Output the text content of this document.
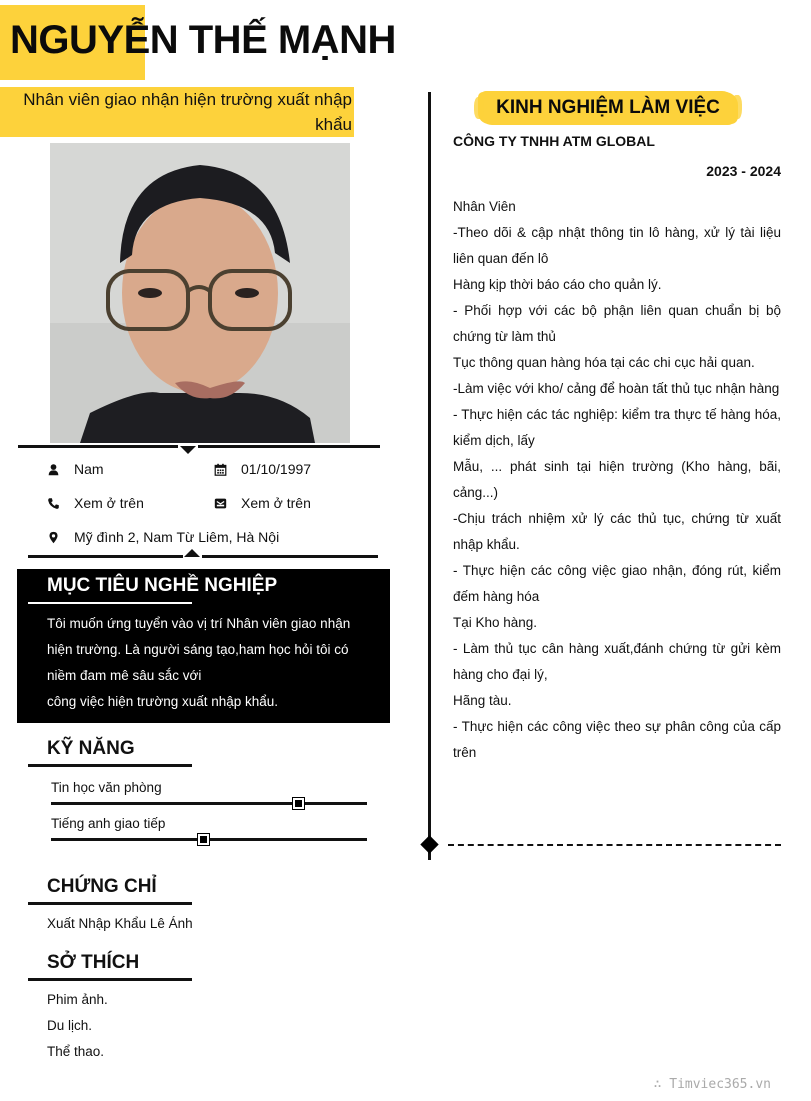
NGUYỄN THẾ MẠNH
Nhân viên giao nhận hiện trường xuất nhập khẩu
Nam	01/10/1997
Xem ở trên	Xem ở trên
Mỹ đình 2, Nam Từ Liêm, Hà Nội
MỤC TIÊU NGHỀ NGHIỆP

Tôi muốn ứng tuyển vào vị trí Nhân viên giao nhận
hiện trường. Là người sáng tạo,ham học hỏi tôi có
niềm đam mê sâu sắc với
công việc hiện trường xuất nhập khẩu.

KỸ NĂNG
Tin học văn phòng
Tiếng anh giao tiếp
CHỨNG CHỈ
Xuất Nhập Khẩu Lê Ánh
SỞ THÍCH
Phim ảnh.
Du lịch.
Thể thao.
KINH NGHIỆM LÀM VIỆC
CÔNG TY TNHH ATM GLOBAL
2023 - 2024
Nhân Viên
-Theo dõi & cập nhật thông tin lô hàng, xử lý tài liệu liên quan đến lô
Hàng kịp thời báo cáo cho quản lý.
- Phối hợp với các bộ phận liên quan chuẩn bị bộ chứng từ làm thủ
Tục thông quan hàng hóa tại các chi cục hải quan.
-Làm việc với kho/ cảng để hoàn tất thủ tục nhận hàng
- Thực hiện các tác nghiệp: kiểm tra thực tế hàng hóa, kiểm dịch, lấy
Mẫu, ... phát sinh tại hiện trường (Kho hàng, bãi, cảng...)
-Chịu trách nhiệm xử lý các thủ tục, chứng từ xuất nhập khẩu.
- Thực hiện các công việc giao nhận, đóng rút, kiểm đếm hàng hóa
Tại Kho hàng.
- Làm thủ tục cân hàng xuất,đánh chứng từ gửi kèm hàng cho đại lý,
Hãng tàu.
- Thực hiện các công việc theo sự phân công của cấp trên
∴ Timviec365.vn
